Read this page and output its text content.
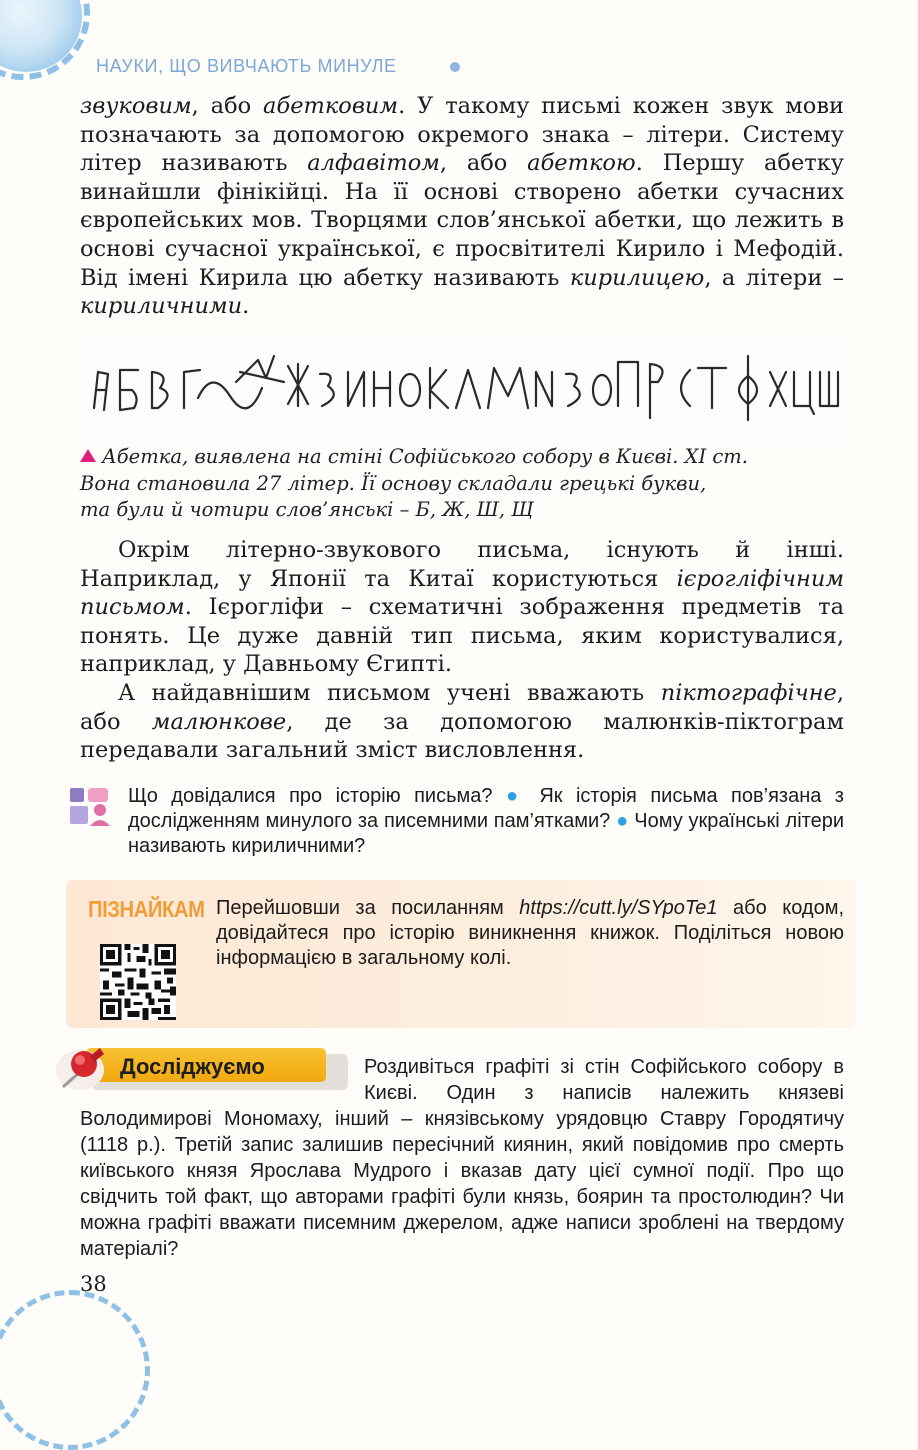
НАУКИ, ЩО ВИВЧАЮТЬ МИНУЛЕ

звуковим, або абетковим. У такому письмі кожен звук мови позначають за допомогою окремого знака – літери. Систему літер називають алфавітом, або абеткою. Першу абетку винайшли фінікійці. На її основі створено абетки сучасних європейських мов. Творцями слов’янської абетки, що лежить в основі сучасної української, є просвітителі Кирило і Мефодій. Від імені Кирила цю абетку називають кирилицею, а літери – кириличними.

Абетка, виявлена на стіні Софійського собору в Києві. XI ст.
Вона становила 27 літер. Її основу складали грецькі букви,
та були й чотири слов’янські – Б, Ж, Ш, Щ

Окрім літерно-звукового письма, існують й інші. Наприклад, у Японії та Китаї користуються ієрогліфічним письмом. Ієрогліфи – схематичні зображення предметів та понять. Це дуже давній тип письма, яким користувалися, наприклад, у Давньому Єгипті.

А найдавнішим письмом учені вважають піктографічне, або малюнкове, де за допомогою малюнків-піктограм передавали загальний зміст висловлення.

Що довідалися про історію письма? ● Як історія письма пов’язана з дослідженням минулого за писемними пам’ятками? ● Чому українські літери називають кириличними?
ПІЗНАЙКАМ Перейшовши за посиланням https://cutt.ly/SYpoTe1 або кодом, довідайтеся про історію виникнення книжок. Поділіться новою інформацією в загальному колі.
Роздивіться графіті зі стін Софійського собору в Києві. Один з написів належить князеві Володимирові Мономаху, інший – князівському урядовцю Ставру Городятичу (1118 р.). Третій запис залишив пересічний киянин, який повідомив про смерть київського князя Ярослава Мудрого і вказав дату цієї сумної події. Про що свідчить той факт, що авторами графіті були князь, боярин та простолюдин? Чи можна графіті вважати писемним джерелом, адже написи зроблені на твердому матеріалі?
Досліджуємо
38
